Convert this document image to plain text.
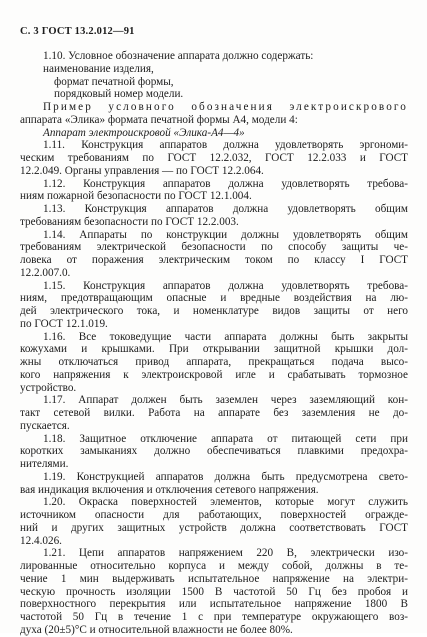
С. 3 ГОСТ 13.2.012—91
1.10. Условное обозначение аппарата должно содержать:
наименование изделия,
формат печатной формы,
порядковый номер модели.
Пример условного обозначения электроискрового
аппарата «Элика» формата печатной формы А4, модели 4:
Аппарат электроискровой «Элика-А4—4»
1.11. Конструкция аппаратов должна удовлетворять эргономи-
ческим требованиям по ГОСТ 12.2.032, ГОСТ 12.2.033 и ГОСТ
12.2.049. Органы управления — по ГОСТ 12.2.064.
1.12. Конструкция аппаратов должна удовлетворять требова-
ниям пожарной безопасности по ГОСТ 12.1.004.
1.13. Конструкция аппаратов должна удовлетворять общим
требованиям безопасности по ГОСТ 12.2.003.
1.14. Аппараты по конструкции должны удовлетворять общим
требованиям электрической безопасности по способу защиты че-
ловека от поражения электрическим током по классу I ГОСТ
12.2.007.0.
1.15. Конструкция аппаратов должна удовлетворять требова-
ниям, предотвращающим опасные и вредные воздействия на лю-
дей электрического тока, и номенклатуре видов защиты от него
по ГОСТ 12.1.019.
1.16. Все токоведущие части аппарата должны быть закрыты
кожухами и крышками. При открывании защитной крышки дол-
жны отключаться привод аппарата, прекращаться подача высо-
кого напряжения к электроискровой игле и срабатывать тормозное
устройство.
1.17. Аппарат должен быть заземлен через заземляющий кон-
такт сетевой вилки. Работа на аппарате без заземления не до-
пускается.
1.18. Защитное отключение аппарата от питающей сети при
коротких замыканиях должно обеспечиваться плавкими предохра-
нителями.
1.19. Конструкцией аппаратов должна быть предусмотрена свето-
вая индикация включения и отключения сетевого напряжения.
1.20. Окраска поверхностей элементов, которые могут служить
источником опасности для работающих, поверхностей огражде-
ний и других защитных устройств должна соответствовать ГОСТ
12.4.026.
1.21. Цепи аппаратов напряжением 220 В, электрически изо-
лированные относительно корпуса и между собой, должны в те-
чение 1 мин выдерживать испытательное напряжение на электри-
ческую прочность изоляции 1500 В частотой 50 Гц без пробоя и
поверхностного перекрытия или испытательное напряжение 1800 В
частотой 50 Гц в течение 1 с при температуре окружающего воз-
духа (20±5)°С и относительной влажности не более 80%.
